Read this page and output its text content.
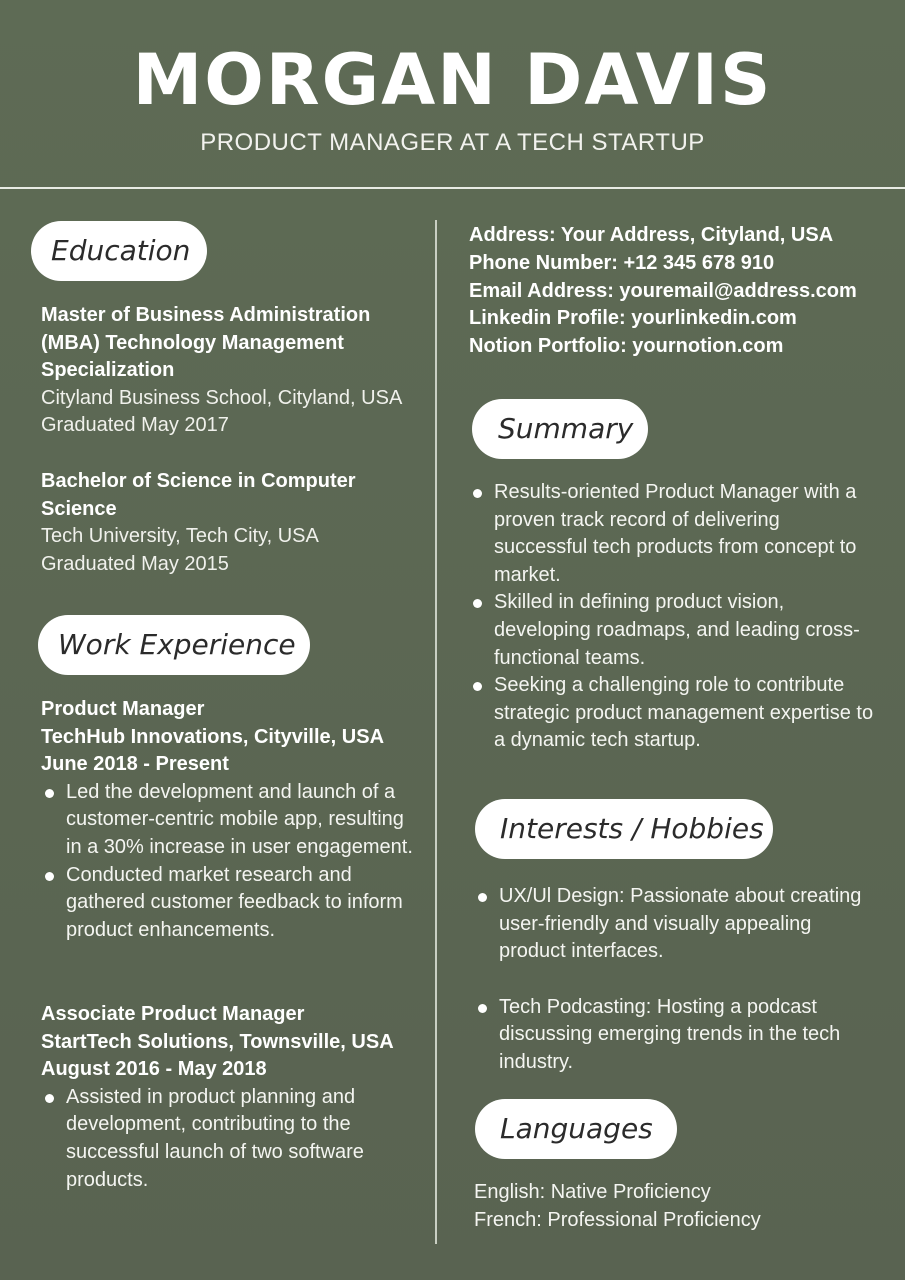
MORGAN DAVIS
PRODUCT MANAGER AT A TECH STARTUP
Education
Master of Business Administration
(MBA) Technology Management
Specialization
Cityland Business School, Cityland, USA
Graduated May 2017
Bachelor of Science in Computer
Science
Tech University, Tech City, USA
Graduated May 2015
Work Experience
Product Manager
TechHub Innovations, Cityville, USA
June 2018 - Present
Led the development and launch of a customer-centric mobile app, resulting in a 30% increase in user engagement.
Conducted market research and gathered customer feedback to inform product enhancements.
Associate Product Manager
StartTech Solutions, Townsville, USA
August 2016 - May 2018
Assisted in product planning and development, contributing to the successful launch of two software products.
Address: Your Address, Cityland, USA
Phone Number: +12 345 678 910
Email Address: youremail@address.com
Linkedin Profile: yourlinkedin.com
Notion Portfolio: yournotion.com
Summary
Results-oriented Product Manager with a proven track record of delivering successful tech products from concept to market.
Skilled in defining product vision, developing roadmaps, and leading cross-functional teams.
Seeking a challenging role to contribute strategic product management expertise to a dynamic tech startup.
Interests / Hobbies
UX/Ul Design: Passionate about creating user-friendly and visually appealing product interfaces.
Tech Podcasting: Hosting a podcast discussing emerging trends in the tech industry.
Languages
English: Native Proficiency
French: Professional Proficiency
